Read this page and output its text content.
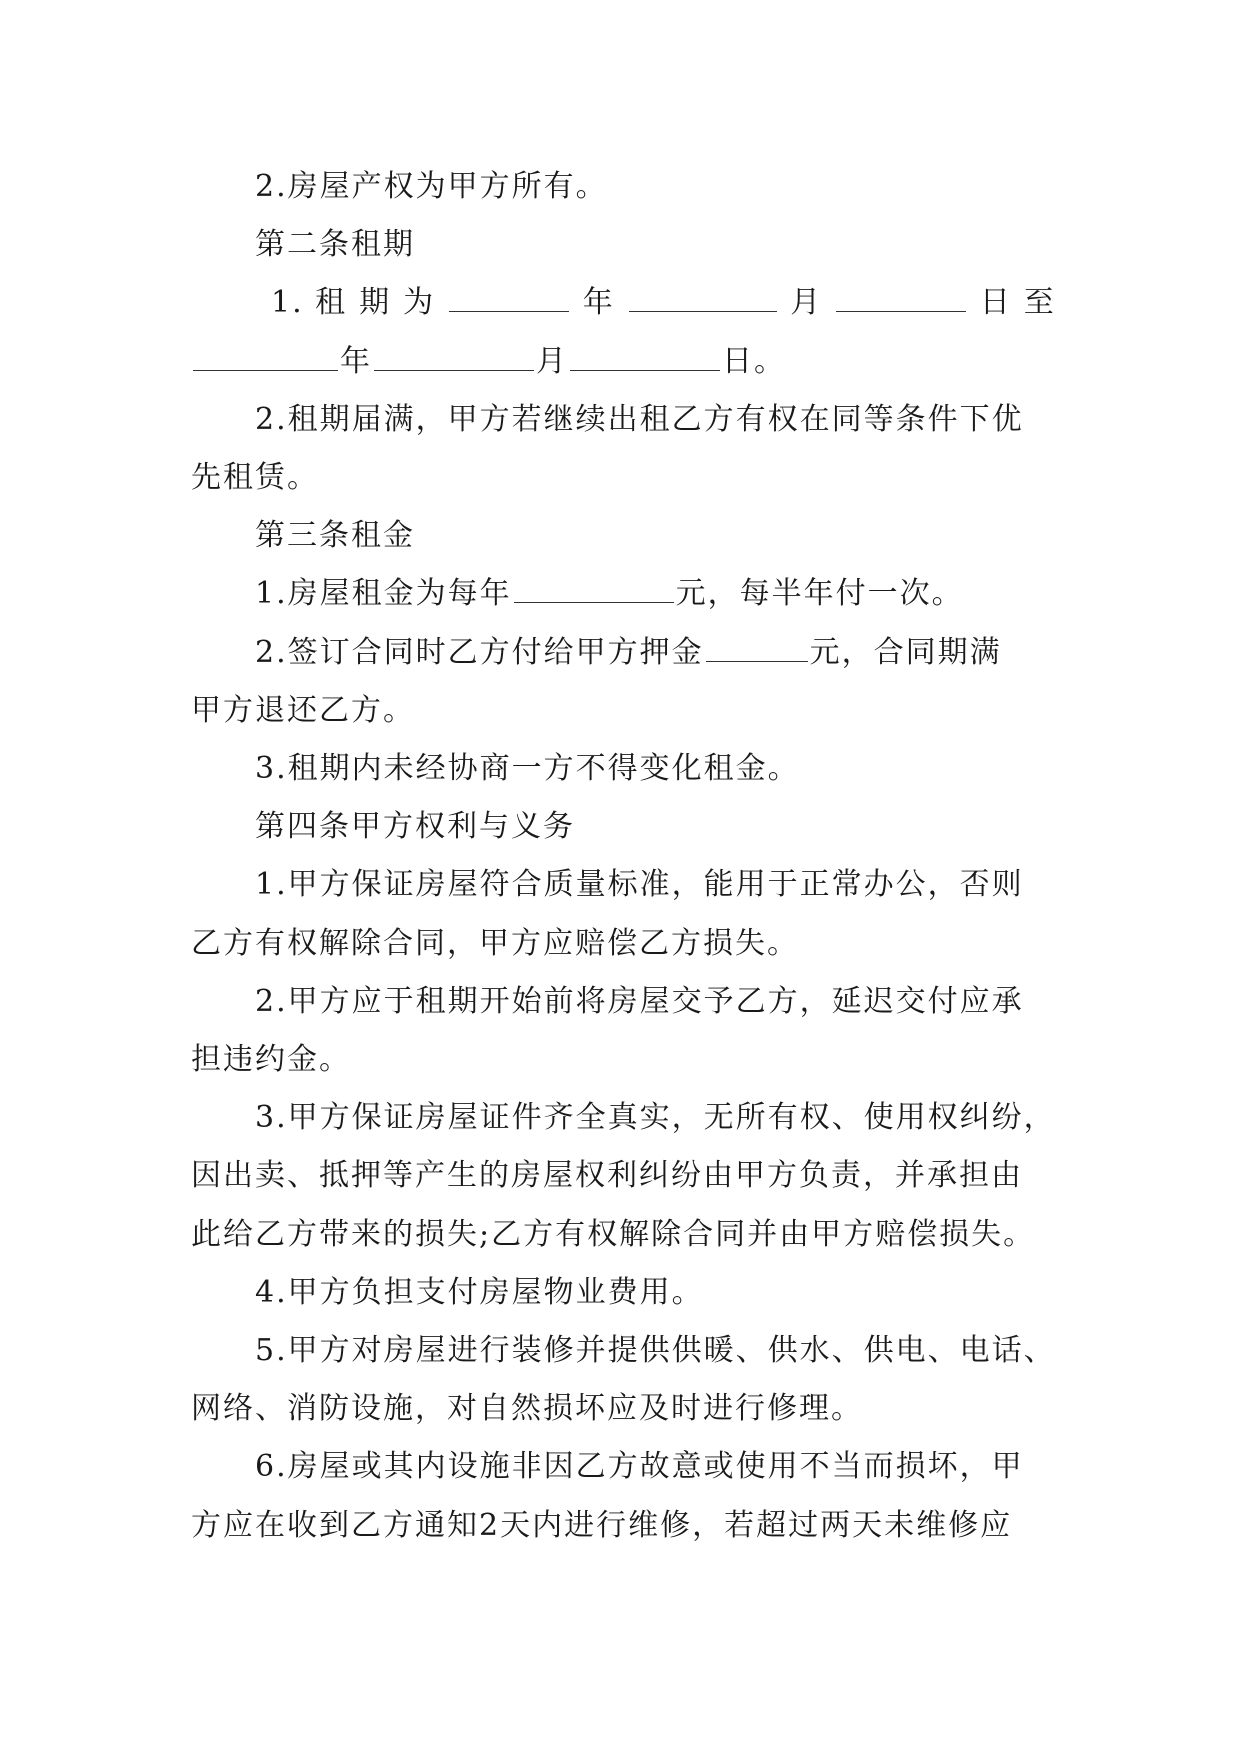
2.房屋产权为甲方所有。

第二条租期

1. 租期为	年	月	日至

年	月	日。

2.租期届满，甲方若继续出租乙方有权在同等条件下优

先租赁。

第三条租金

1.房屋租金为每年	元，每半年付一次。

2.签订合同时乙方付给甲方押金	元，合同期满

甲方退还乙方。

3.租期内未经协商一方不得变化租金。

第四条甲方权利与义务

1.甲方保证房屋符合质量标准，能用于正常办公，否则

乙方有权解除合同，甲方应赔偿乙方损失。

2.甲方应于租期开始前将房屋交予乙方，延迟交付应承

担违约金。

3.甲方保证房屋证件齐全真实，无所有权、使用权纠纷，

因出卖、抵押等产生的房屋权利纠纷由甲方负责，并承担由

此给乙方带来的损失;乙方有权解除合同并由甲方赔偿损失。

4.甲方负担支付房屋物业费用。

5.甲方对房屋进行装修并提供供暖、供水、供电、电话、

网络、消防设施，对自然损坏应及时进行修理。

6.房屋或其内设施非因乙方故意或使用不当而损坏，甲

方应在收到乙方通知2天内进行维修，若超过两天未维修应
